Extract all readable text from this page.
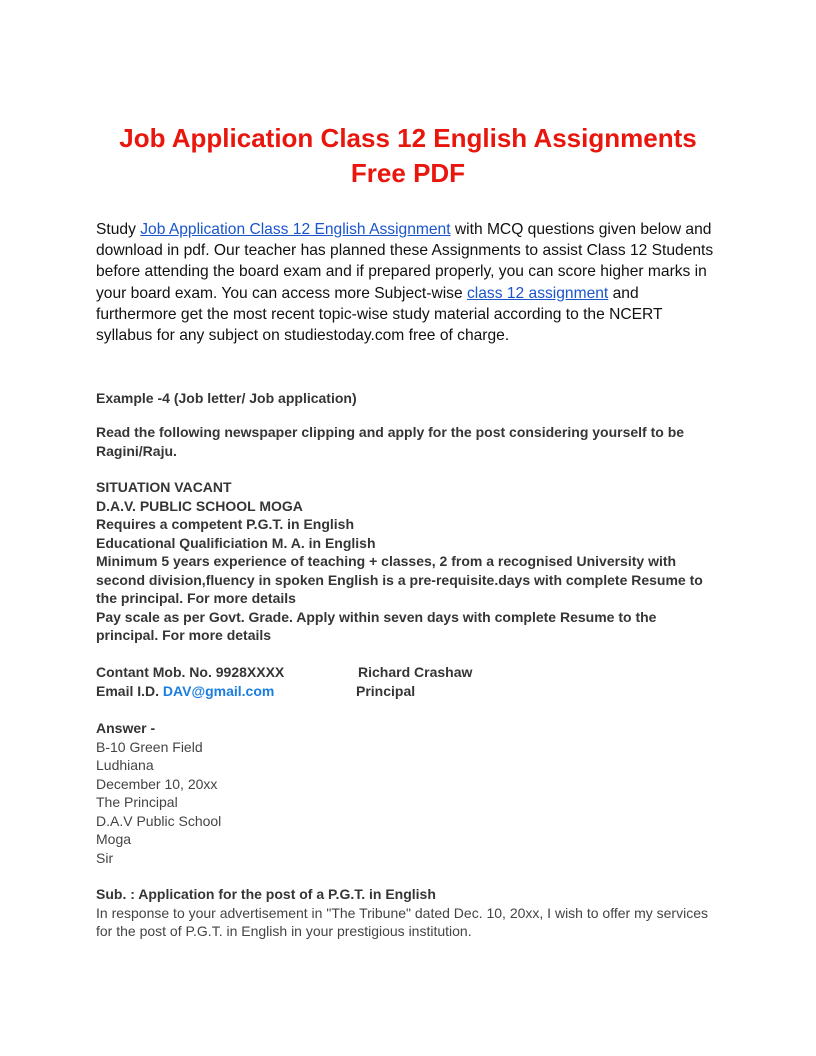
Job Application Class 12 English Assignments Free PDF

Study Job Application Class 12 English Assignment with MCQ questions given below and download in pdf. Our teacher has planned these Assignments to assist Class 12 Students before attending the board exam and if prepared properly, you can score higher marks in your board exam. You can access more Subject-wise class 12 assignment and furthermore get the most recent topic-wise study material according to the NCERT syllabus for any subject on studiestoday.com free of charge.

Example -4 (Job letter/ Job application)

Read the following newspaper clipping and apply for the post considering yourself to be Ragini/Raju.

SITUATION VACANT
D.A.V. PUBLIC SCHOOL MOGA
Requires a competent P.G.T. in English
Educational Qualificiation M. A. in English
Minimum 5 years experience of teaching + classes, 2 from a recognised University with
second division,fluency in spoken English is a pre-requisite.days with complete Resume to
the principal. For more details
Pay scale as per Govt. Grade. Apply within seven days with complete Resume to the
principal. For more details
Contant Mob. No. 9928XXXX
Email I.D. DAV@gmail.com
Richard Crashaw
Principal
Answer -
B-10 Green Field
Ludhiana
December 10, 20xx
The Principal
D.A.V Public School
Moga
Sir
Sub. : Application for the post of a P.G.T. in English
In response to your advertisement in "The Tribune" dated Dec. 10, 20xx, I wish to offer my services
for the post of P.G.T. in English in your prestigious institution.
